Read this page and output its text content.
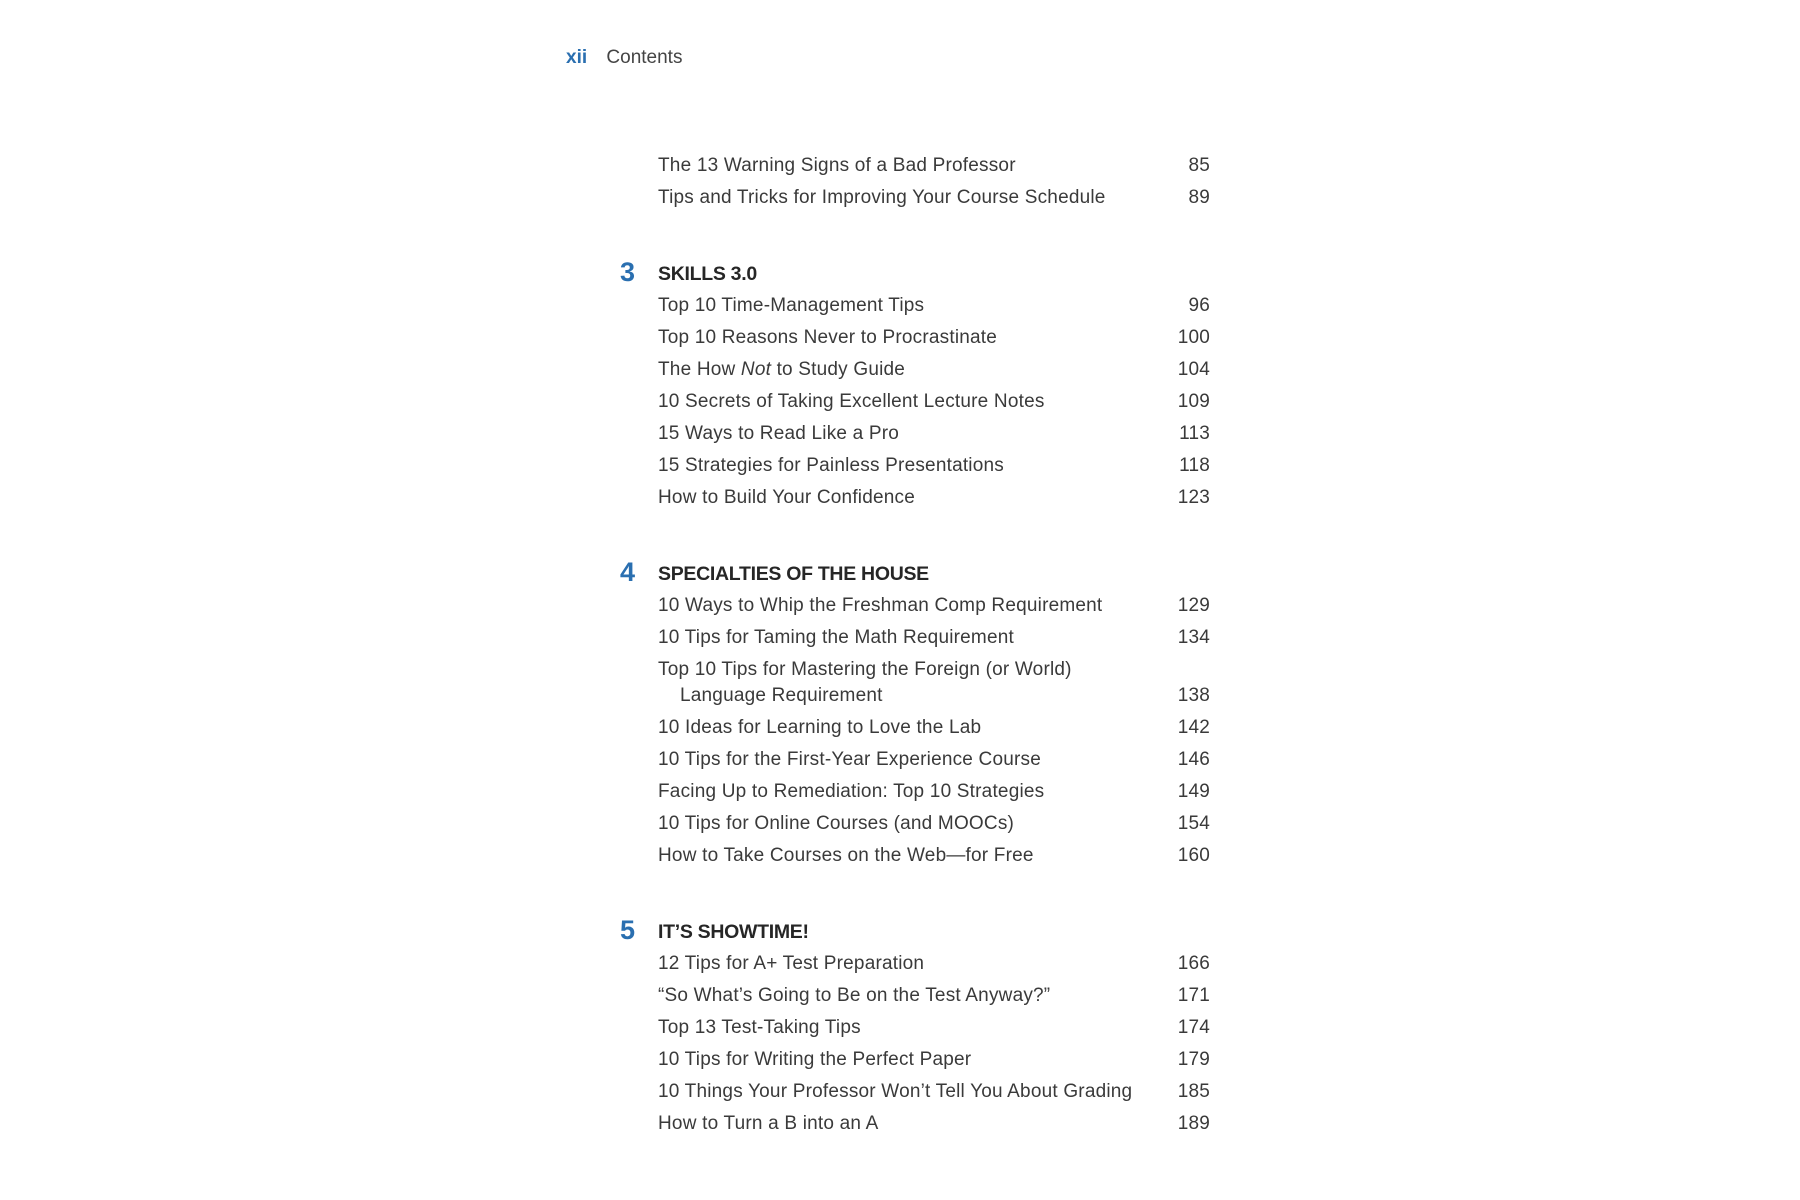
xii Contents
The 13 Warning Signs of a Bad Professor	85
Tips and Tricks for Improving Your Course Schedule	89
3	SKILLS 3.0
Top 10 Time-Management Tips	96
Top 10 Reasons Never to Procrastinate	100
The How Not to Study Guide	104
10 Secrets of Taking Excellent Lecture Notes	109
15 Ways to Read Like a Pro	113
15 Strategies for Painless Presentations	118
How to Build Your Confidence	123
4	SPECIALTIES OF THE HOUSE
10 Ways to Whip the Freshman Comp Requirement	129
10 Tips for Taming the Math Requirement	134
Top 10 Tips for Mastering the Foreign (or World)
Language Requirement	138
10 Ideas for Learning to Love the Lab	142
10 Tips for the First-Year Experience Course	146
Facing Up to Remediation: Top 10 Strategies	149
10 Tips for Online Courses (and MOOCs)	154
How to Take Courses on the Web—for Free	160
5	IT’S SHOWTIME!
12 Tips for A+ Test Preparation	166
“So What’s Going to Be on the Test Anyway?”	171
Top 13 Test-Taking Tips	174
10 Tips for Writing the Perfect Paper	179
10 Things Your Professor Won’t Tell You About Grading 185
How to Turn a B into an A	189
